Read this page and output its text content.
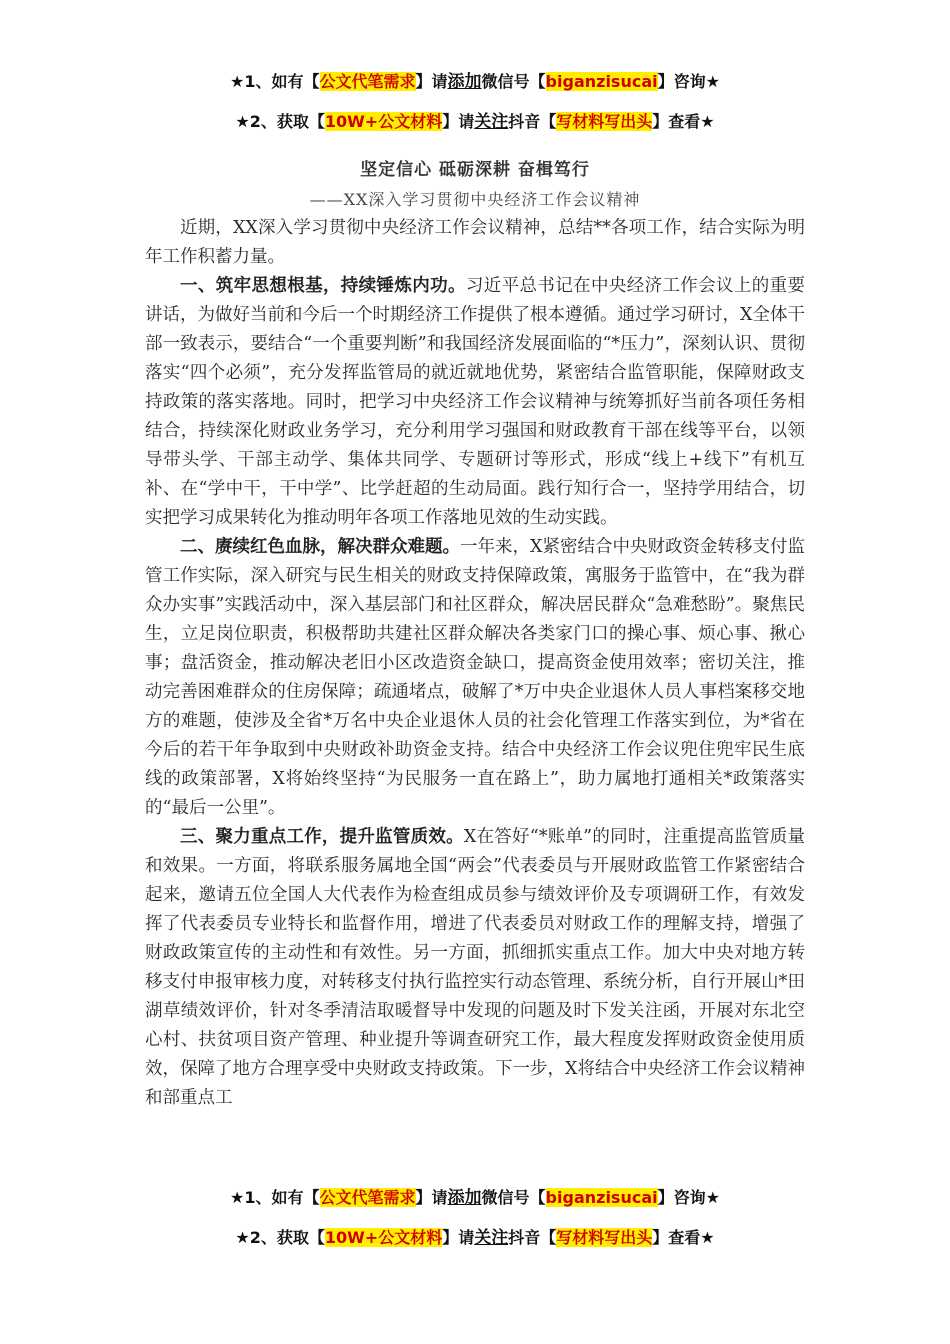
★1、如有【公文代笔需求】请添加微信号【biganzisucai】咨询★
★2、获取【10W+公文材料】请关注抖音【写材料写出头】查看★
坚定信心 砥砺深耕 奋楫笃行
——XX深入学习贯彻中央经济工作会议精神

近期，XX深入学习贯彻中央经济工作会议精神，总结**各项工作，结合实际为明年工作积蓄力量。

一、筑牢思想根基，持续锤炼内功。习近平总书记在中央经济工作会议上的重要讲话，为做好当前和今后一个时期经济工作提供了根本遵循。通过学习研讨，X全体干部一致表示，要结合“一个重要判断”和我国经济发展面临的“*压力”，深刻认识、贯彻落实“四个必须”，充分发挥监管局的就近就地优势，紧密结合监管职能，保障财政支持政策的落实落地。同时，把学习中央经济工作会议精神与统筹抓好当前各项任务相结合，持续深化财政业务学习，充分利用学习强国和财政教育干部在线等平台，以领导带头学、干部主动学、集体共同学、专题研讨等形式，形成“线上+线下”有机互补、在“学中干，干中学”、比学赶超的生动局面。践行知行合一，坚持学用结合，切实把学习成果转化为推动明年各项工作落地见效的生动实践。

二、赓续红色血脉，解决群众难题。一年来，X紧密结合中央财政资金转移支付监管工作实际，深入研究与民生相关的财政支持保障政策，寓服务于监管中，在“我为群众办实事”实践活动中，深入基层部门和社区群众，解决居民群众“急难愁盼”。聚焦民生，立足岗位职责，积极帮助共建社区群众解决各类家门口的操心事、烦心事、揪心事；盘活资金，推动解决老旧小区改造资金缺口，提高资金使用效率；密切关注，推动完善困难群众的住房保障；疏通堵点，破解了*万中央企业退休人员人事档案移交地方的难题，使涉及全省*万名中央企业退休人员的社会化管理工作落实到位，为*省在今后的若干年争取到中央财政补助资金支持。结合中央经济工作会议兜住兜牢民生底线的政策部署，X将始终坚持“为民服务一直在路上”，助力属地打通相关*政策落实的“最后一公里”。

三、聚力重点工作，提升监管质效。X在答好“*账单”的同时，注重提高监管质量和效果。一方面，将联系服务属地全国“两会”代表委员与开展财政监管工作紧密结合起来，邀请五位全国人大代表作为检查组成员参与绩效评价及专项调研工作，有效发挥了代表委员专业特长和监督作用，增进了代表委员对财政工作的理解支持，增强了财政政策宣传的主动性和有效性。另一方面，抓细抓实重点工作。加大中央对地方转移支付申报审核力度，对转移支付执行监控实行动态管理、系统分析，自行开展山*田湖草绩效评价，针对冬季清洁取暖督导中发现的问题及时下发关注函，开展对东北空心村、扶贫项目资产管理、种业提升等调查研究工作，最大程度发挥财政资金使用质效，保障了地方合理享受中央财政支持政策。下一步，X将结合中央经济工作会议精神和部重点工

★1、如有【公文代笔需求】请添加微信号【biganzisucai】咨询★
★2、获取【10W+公文材料】请关注抖音【写材料写出头】查看★
